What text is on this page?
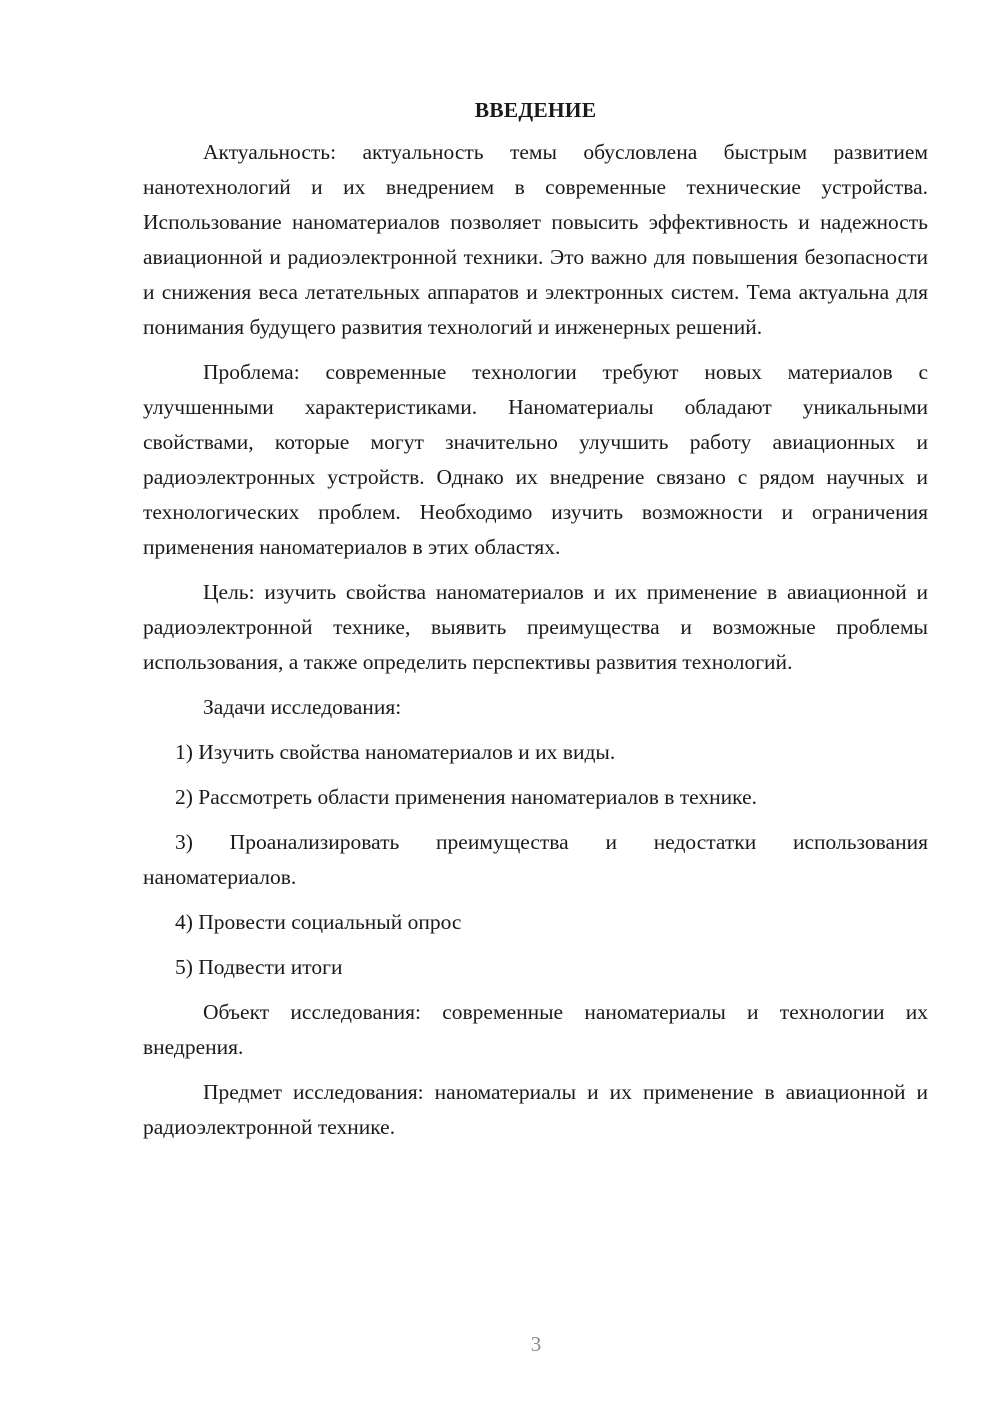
ВВЕДЕНИЕ

Актуальность: актуальность темы обусловлена быстрым развитием нанотехнологий и их внедрением в современные технические устройства. Использование наноматериалов позволяет повысить эффективность и надежность авиационной и радиоэлектронной техники. Это важно для повышения безопасности и снижения веса летательных аппаратов и электронных систем. Тема актуальна для понимания будущего развития технологий и инженерных решений.

Проблема: современные технологии требуют новых материалов с улучшенными характеристиками. Наноматериалы обладают уникальными свойствами, которые могут значительно улучшить работу авиационных и радиоэлектронных устройств. Однако их внедрение связано с рядом научных и технологических проблем. Необходимо изучить возможности и ограничения применения наноматериалов в этих областях.

Цель: изучить свойства наноматериалов и их применение в авиационной и радиоэлектронной технике, выявить преимущества и возможные проблемы использования, а также определить перспективы развития технологий.

Задачи исследования:

1) Изучить свойства наноматериалов и их виды.

2) Рассмотреть области применения наноматериалов в технике.

3) Проанализировать преимущества и недостатки использования наноматериалов.

4) Провести социальный опрос

5) Подвести итоги

Объект исследования: современные наноматериалы и технологии их внедрения.

Предмет исследования: наноматериалы и их применение в авиационной и радиоэлектронной технике.

3
